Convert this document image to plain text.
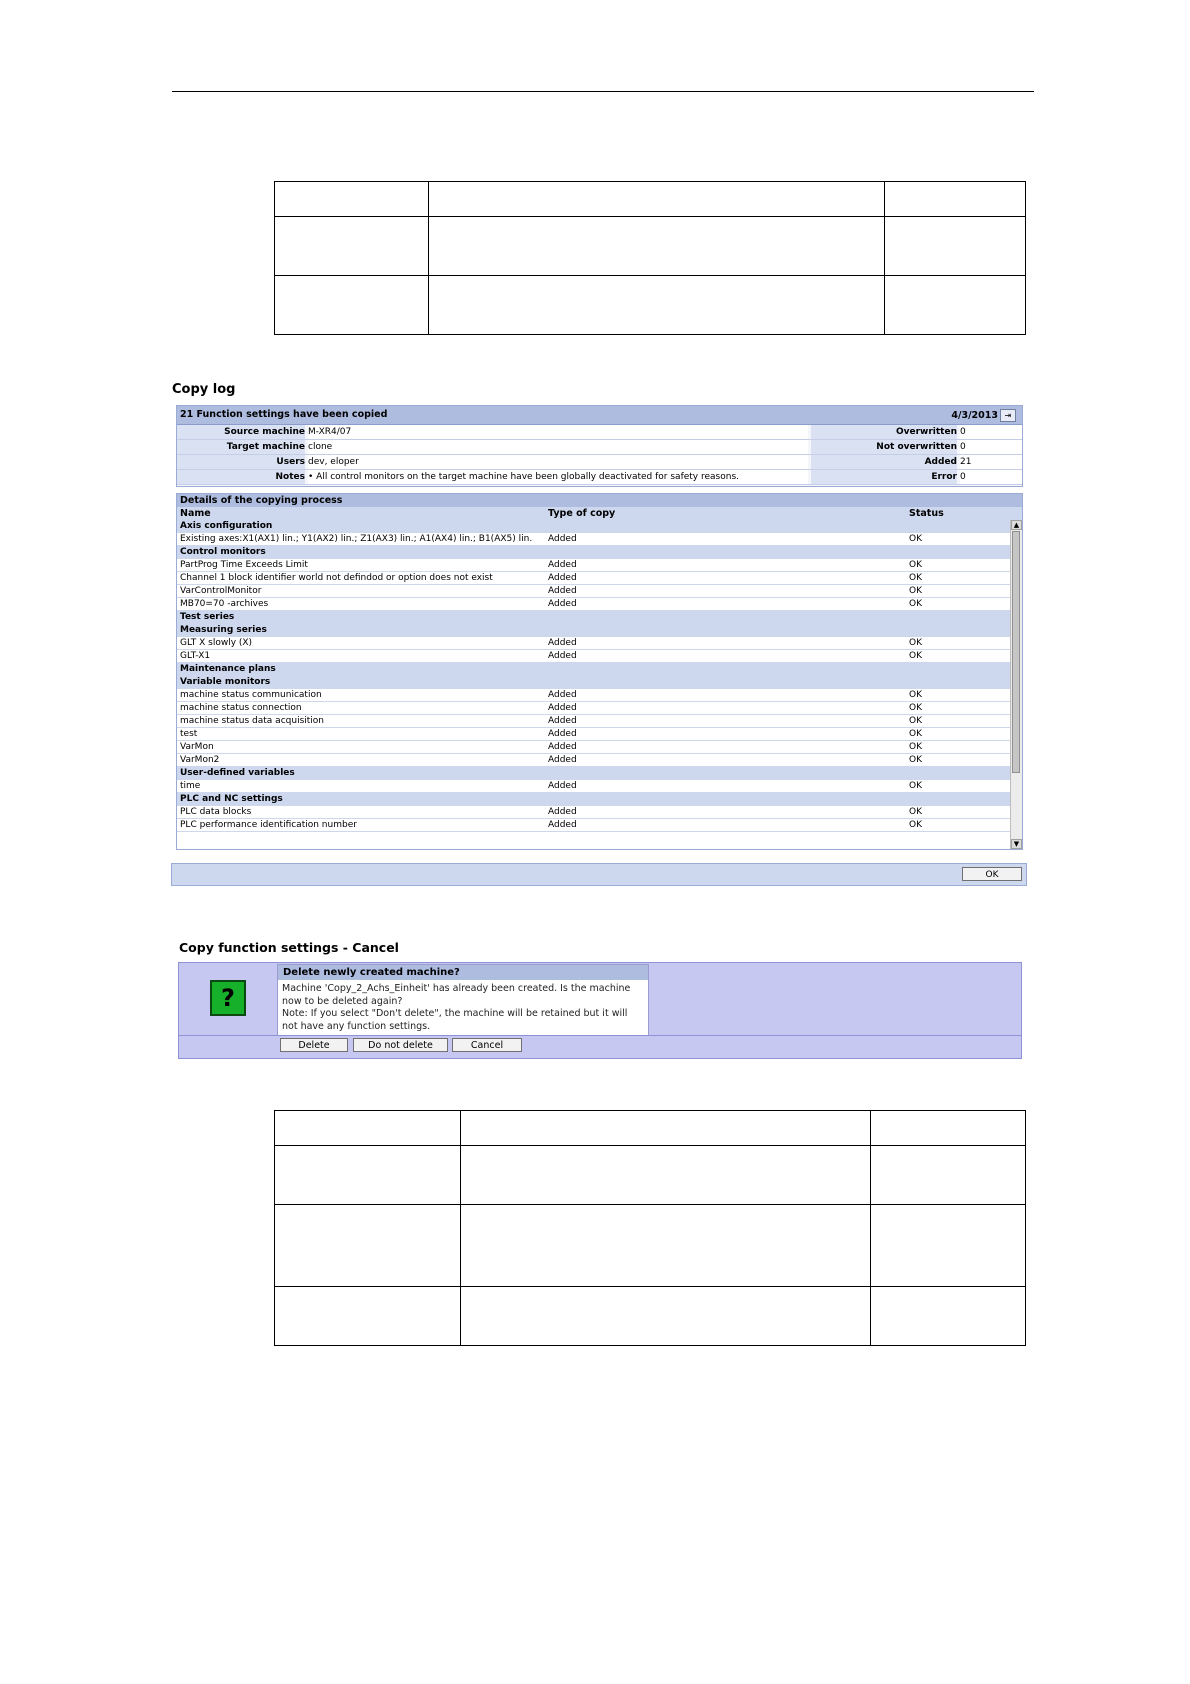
Copy log
21 Function settings have been copied	4/3/2013 ⇥
Source machine M-XR4/07	Overwritten 0
Target machine clone	Not overwritten 0
Users dev, eloper	Added 21
Notes • All control monitors on the target machine have been globally deactivated for safety reasons.	Error 0
Details of the copying process
Name	Type of copy	Status
Axis configuration
Existing axes:X1(AX1) lin.; Y1(AX2) lin.; Z1(AX3) lin.; A1(AX4) lin.; B1(AX5) lin. Added	OK
Control monitors
PartProg Time Exceeds Limit	Added	OK
Channel 1 block identifier world not defindod or option does not exist	Added	OK
VarControlMonitor	Added	OK
MB70=70 -archives	Added	OK
Test series
Measuring series
GLT X slowly (X)	Added	OK
GLT-X1	Added	OK
Maintenance plans
Variable monitors
machine status communication	Added	OK
machine status connection	Added	OK
machine status data acquisition	Added	OK
test	Added	OK
VarMon	Added	OK
VarMon2	Added	OK
User-defined variables
time	Added	OK
PLC and NC settings
PLC data blocks	Added	OK
PLC performance identification number	Added	OK
▲
▼
OK
Copy function settings - Cancel
?
Delete newly created machine?
Machine 'Copy_2_Achs_Einheit' has already been created. Is the machine now to be deleted again?
Note: If you select "Don't delete", the machine will be retained but it will not have any function settings.
Delete	Do not delete	Cancel
